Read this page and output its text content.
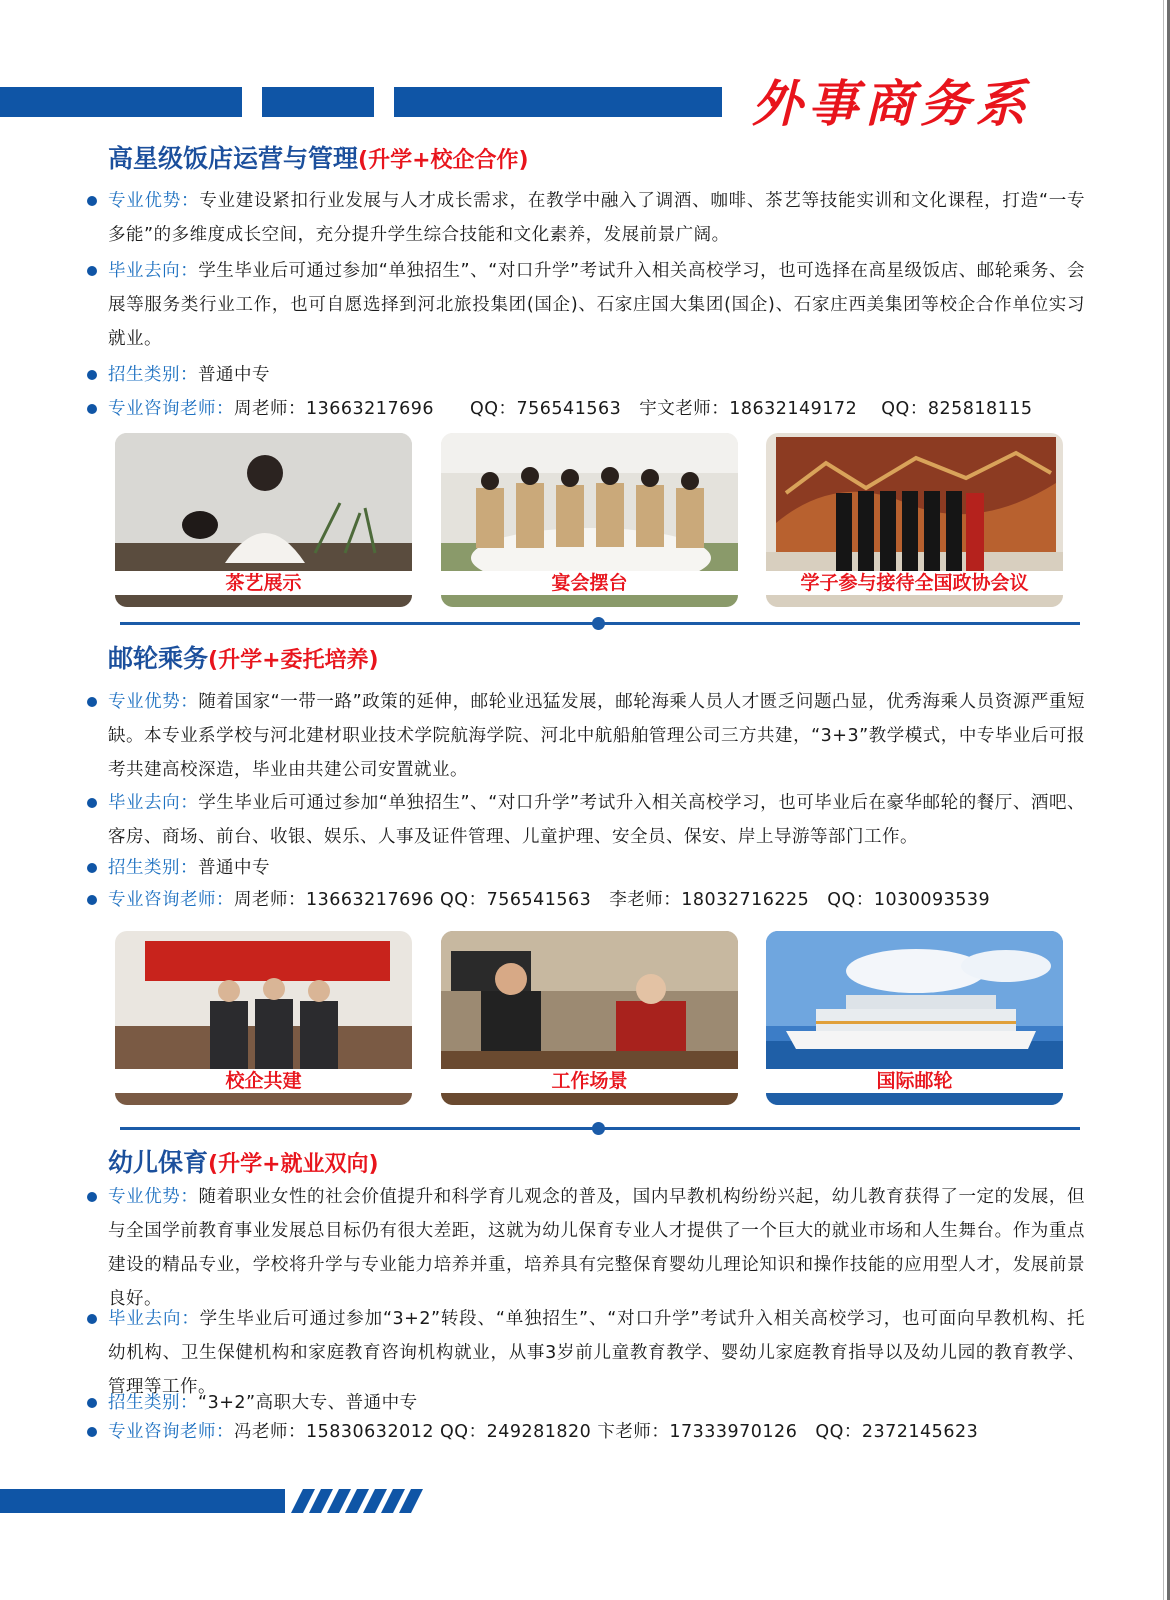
外事商务系
高星级饭店运营与管理(升学+校企合作)
专业优势：专业建设紧扣行业发展与人才成长需求，在教学中融入了调酒、咖啡、茶艺等技能实训和文化课程，打造“一专多能”的多维度成长空间，充分提升学生综合技能和文化素养，发展前景广阔。
毕业去向：学生毕业后可通过参加“单独招生”、“对口升学”考试升入相关高校学习，也可选择在高星级饭店、邮轮乘务、会展等服务类行业工作，也可自愿选择到河北旅投集团(国企)、石家庄国大集团(国企)、石家庄西美集团等校企合作单位实习就业。
招生类别：普通中专
专业咨询老师：周老师：13663217696　　QQ：756541563　宇文老师：18632149172　 QQ：825818115
茶艺展示	宴会摆台	学子参与接待全国政协会议
邮轮乘务(升学+委托培养)
专业优势：随着国家“一带一路”政策的延伸，邮轮业迅猛发展，邮轮海乘人员人才匮乏问题凸显，优秀海乘人员资源严重短缺。本专业系学校与河北建材职业技术学院航海学院、河北中航船舶管理公司三方共建，“3+3”教学模式，中专毕业后可报考共建高校深造，毕业由共建公司安置就业。
毕业去向：学生毕业后可通过参加“单独招生”、“对口升学”考试升入相关高校学习，也可毕业后在豪华邮轮的餐厅、酒吧、客房、商场、前台、收银、娱乐、人事及证件管理、儿童护理、安全员、保安、岸上导游等部门工作。
招生类别：普通中专
专业咨询老师：周老师：13663217696 QQ：756541563　李老师：18032716225　QQ：1030093539
校企共建	工作场景	国际邮轮
幼儿保育(升学+就业双向)
专业优势：随着职业女性的社会价值提升和科学育儿观念的普及，国内早教机构纷纷兴起，幼儿教育获得了一定的发展，但与全国学前教育事业发展总目标仍有很大差距，这就为幼儿保育专业人才提供了一个巨大的就业市场和人生舞台。作为重点建设的精品专业，学校将升学与专业能力培养并重，培养具有完整保育婴幼儿理论知识和操作技能的应用型人才，发展前景良好。
毕业去向：学生毕业后可通过参加“3+2”转段、“单独招生”、“对口升学”考试升入相关高校学习，也可面向早教机构、托幼机构、卫生保健机构和家庭教育咨询机构就业，从事3岁前儿童教育教学、婴幼儿家庭教育指导以及幼儿园的教育教学、管理等工作。
招生类别：“3+2”高职大专、普通中专
专业咨询老师：冯老师：15830632012 QQ：249281820 卞老师：17333970126　QQ：2372145623
